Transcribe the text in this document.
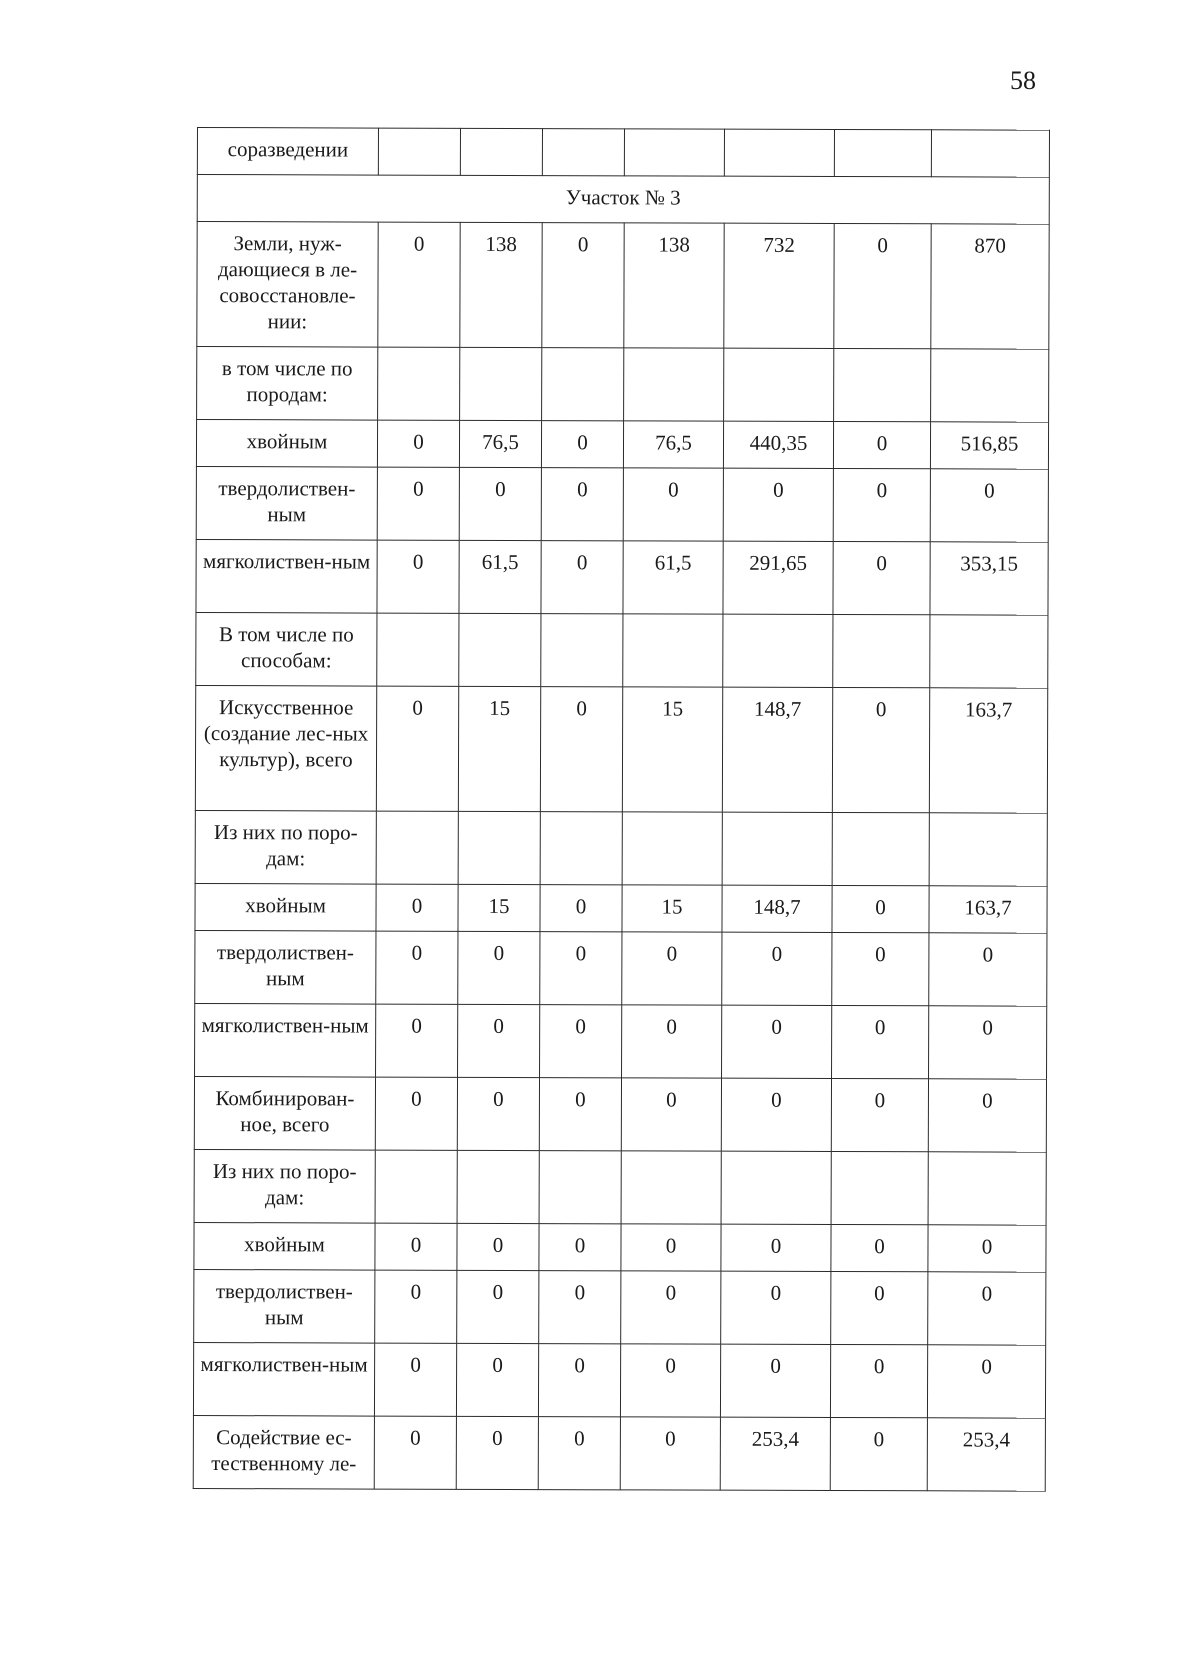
58
соразведении							
Участок № 3							
Земли, нуж-дающиеся в ле-совосстановле-нии:	0	138	0	138	732	0	870
в том числе по породам:							
хвойным	0	76,5	0	76,5	440,35	0	516,85
твердолиствен-ным	0	0	0	0	0	0	0
мягколиствен-ным	0	61,5	0	61,5	291,65	0	353,15
В том числе по способам:							
Искусственное (создание лес-ных культур), всего	0	15	0	15	148,7	0	163,7
Из них по поро-дам:							
хвойным	0	15	0	15	148,7	0	163,7
твердолиствен-ным	0	0	0	0	0	0	0
мягколиствен-ным	0	0	0	0	0	0	0
Комбинирован-ное, всего	0	0	0	0	0	0	0
Из них по поро-дам:							
хвойным	0	0	0	0	0	0	0
твердолиствен-ным	0	0	0	0	0	0	0
мягколиствен-ным	0	0	0	0	0	0	0
Содействие ес-тественному ле-	0	0	0	0	253,4	0	253,4
